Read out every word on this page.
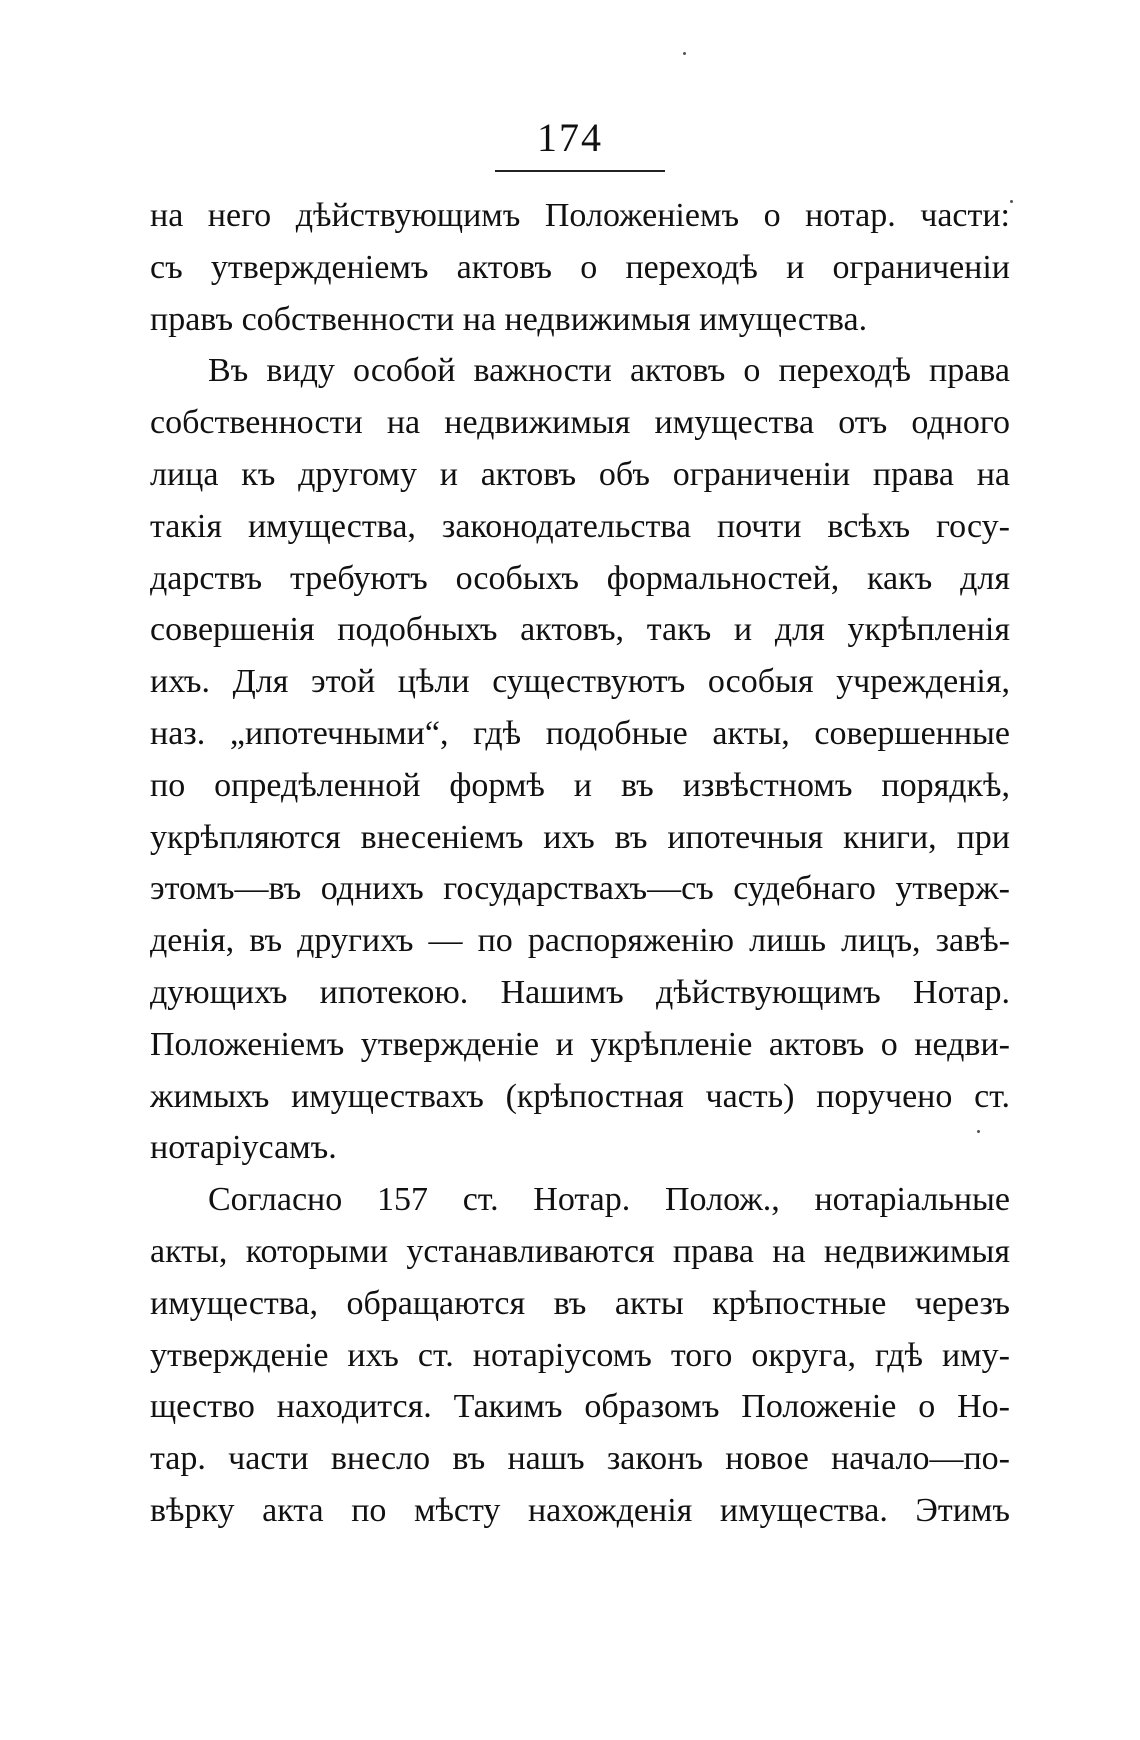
174
на него дѣйствующимъ Положеніемъ о нотар. части:
съ утвержденіемъ актовъ о переходѣ и ограниченіи
правъ собственности на недвижимыя имущества.
Въ виду особой важности актовъ о переходѣ права
собственности на недвижимыя имущества отъ одного
лица къ другому и актовъ объ ограниченіи права на
такія имущества, законодательства почти всѣхъ госу-
дарствъ требуютъ особыхъ формальностей, какъ для
совершенія подобныхъ актовъ, такъ и для укрѣпленія
ихъ. Для этой цѣли существуютъ особыя учрежденія,
наз. „ипотечными“, гдѣ подобные акты, совершенные
по опредѣленной формѣ и въ извѣстномъ порядкѣ,
укрѣпляются внесеніемъ ихъ въ ипотечныя книги, при
этомъ—въ однихъ государствахъ—съ судебнаго утверж-
денія, въ другихъ — по распоряженію лишь лицъ, завѣ-
дующихъ ипотекою. Нашимъ дѣйствующимъ Нотар.
Положеніемъ утвержденіе и укрѣпленіе актовъ о недви-
жимыхъ имуществахъ (крѣпостная часть) поручено ст.
нотаріусамъ.
Согласно 157 ст. Нотар. Полож., нотаріальные
акты, которыми устанавливаются права на недвижимыя
имущества, обращаются въ акты крѣпостные черезъ
утвержденіе ихъ ст. нотаріусомъ того округа, гдѣ иму-
щество находится. Такимъ образомъ Положеніе о Но-
тар. части внесло въ нашъ законъ новое начало—по-
вѣрку акта по мѣсту нахожденія имущества. Этимъ
